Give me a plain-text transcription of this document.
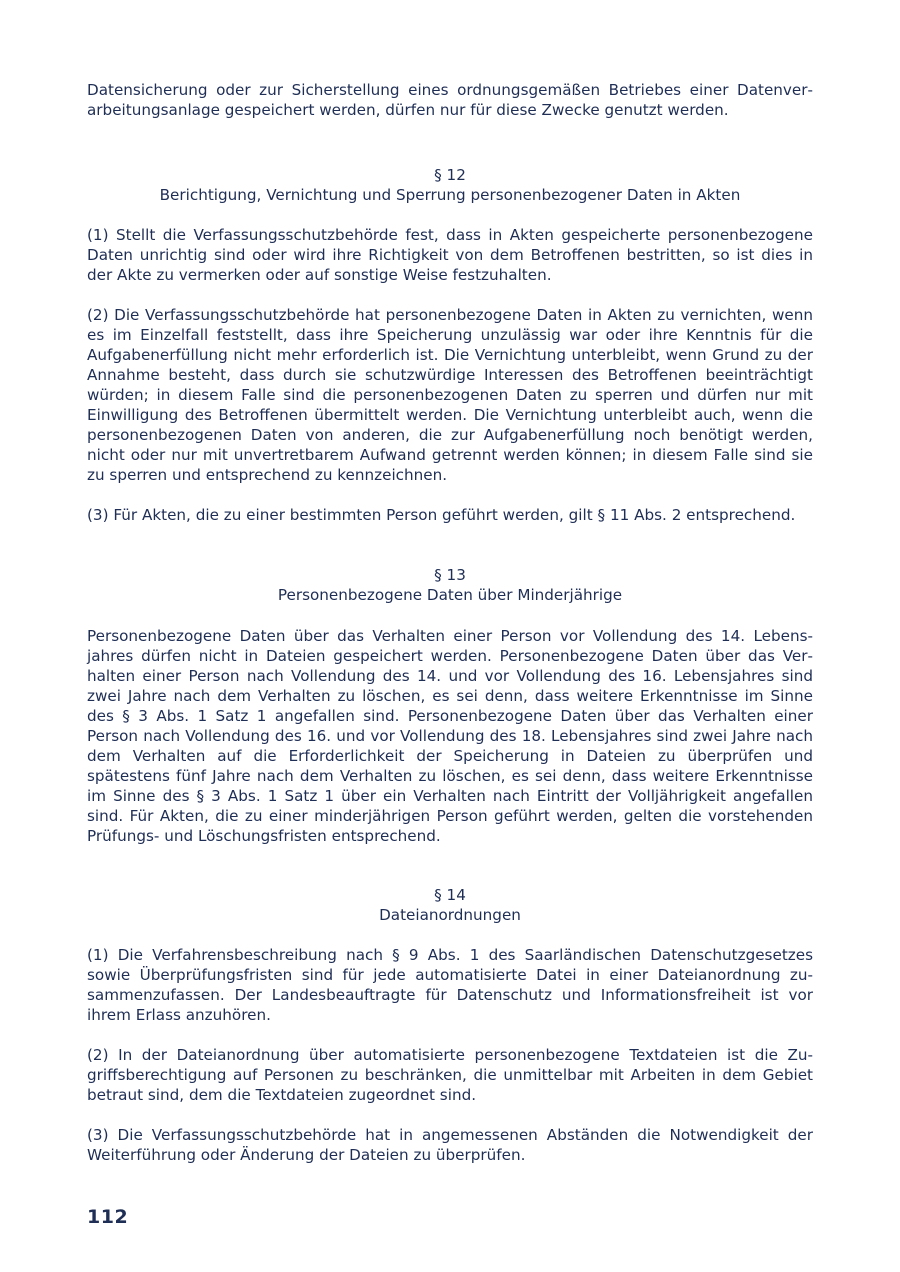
Datensicherung oder zur Sicherstellung eines ordnungsgemäßen Betriebes einer Datenverarbeitungsanlage gespeichert werden, dürfen nur für diese Zwecke genutzt werden.

§ 12

Berichtigung, Vernichtung und Sperrung personenbezogener Daten in Akten

(1) Stellt die Verfassungsschutzbehörde fest, dass in Akten gespeicherte personenbezogene Daten unrichtig sind oder wird ihre Richtigkeit von dem Betroffenen bestritten, so ist dies in der Akte zu vermerken oder auf sonstige Weise festzuhalten.

(2) Die Verfassungsschutzbehörde hat personenbezogene Daten in Akten zu vernichten, wenn es im Einzelfall feststellt, dass ihre Speicherung unzulässig war oder ihre Kenntnis für die Aufgabenerfüllung nicht mehr erforderlich ist. Die Vernichtung unterbleibt, wenn Grund zu der Annahme besteht, dass durch sie schutzwürdige Interessen des Betroffenen beeinträchtigt würden; in diesem Falle sind die personenbezogenen Daten zu sperren und dürfen nur mit Einwilligung des Betroffenen übermittelt werden. Die Vernichtung unterbleibt auch, wenn die personenbezogenen Daten von anderen, die zur Aufgabenerfüllung noch benötigt werden, nicht oder nur mit unvertretbarem Aufwand getrennt werden können; in diesem Falle sind sie zu sperren und entsprechend zu kennzeichnen.

(3) Für Akten, die zu einer bestimmten Person geführt werden, gilt § 11 Abs. 2 entsprechend.

§ 13

Personenbezogene Daten über Minderjährige

Personenbezogene Daten über das Verhalten einer Person vor Vollendung des 14. Lebensjahres dürfen nicht in Dateien gespeichert werden. Personenbezogene Daten über das Verhalten einer Person nach Vollendung des 14. und vor Vollendung des 16. Lebensjahres sind zwei Jahre nach dem Verhalten zu löschen, es sei denn, dass weitere Erkenntnisse im Sinne des § 3 Abs. 1 Satz 1 angefallen sind. Personenbezogene Daten über das Verhalten einer Person nach Vollendung des 16. und vor Vollendung des 18. Lebensjahres sind zwei Jahre nach dem Verhalten auf die Erforderlichkeit der Speicherung in Dateien zu überprüfen und spätestens fünf Jahre nach dem Verhalten zu löschen, es sei denn, dass weitere Erkenntnisse im Sinne des § 3 Abs. 1 Satz 1 über ein Verhalten nach Eintritt der Volljährigkeit angefallen sind. Für Akten, die zu einer minderjährigen Person geführt werden, gelten die vorstehenden Prüfungs- und Löschungsfristen entsprechend.

§ 14

Dateianordnungen

(1) Die Verfahrensbeschreibung nach § 9 Abs. 1 des Saarländischen Datenschutzgesetzes sowie Überprüfungsfristen sind für jede automatisierte Datei in einer Dateianordnung zusammenzufassen. Der Landesbeauftragte für Datenschutz und Informationsfreiheit ist vor ihrem Erlass anzuhören.

(2) In der Dateianordnung über automatisierte personenbezogene Textdateien ist die Zugriffsberechtigung auf Personen zu beschränken, die unmittelbar mit Arbeiten in dem Gebiet betraut sind, dem die Textdateien zugeordnet sind.

(3) Die Verfassungsschutzbehörde hat in angemessenen Abständen die Notwendigkeit der Weiterführung oder Änderung der Dateien zu überprüfen.

112
